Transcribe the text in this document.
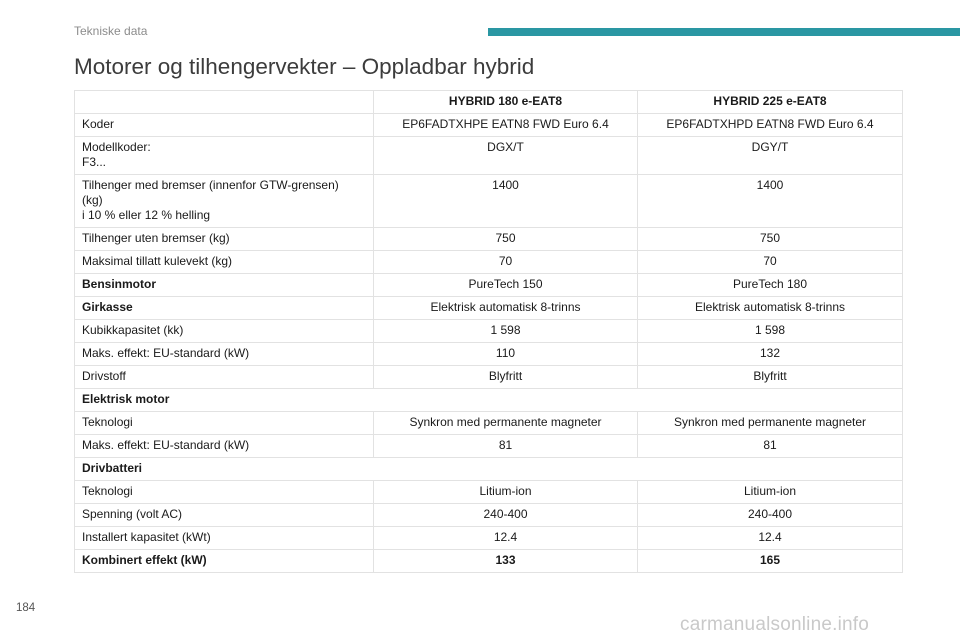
Tekniske data
Motorer og tilhengervekter – Oppladbar hybrid
	HYBRID 180 e-EAT8	HYBRID 225 e-EAT8
Koder	EP6FADTXHPE EATN8 FWD Euro 6.4	EP6FADTXHPD EATN8 FWD Euro 6.4
Modellkoder:
F3...	DGX/T	DGY/T
Tilhenger med bremser (innenfor GTW-grensen)
(kg)
i 10 % eller 12 % helling	1400	1400
Tilhenger uten bremser (kg)	750	750
Maksimal tillatt kulevekt (kg)	70	70
Bensinmotor	PureTech 150	PureTech 180
Girkasse	Elektrisk automatisk 8-trinns	Elektrisk automatisk 8-trinns
Kubikkapasitet (kk)	1 598	1 598
Maks. effekt: EU-standard (kW)	110	132
Drivstoff	Blyfritt	Blyfritt
Elektrisk motor		
Teknologi	Synkron med permanente magneter	Synkron med permanente magneter
Maks. effekt: EU-standard (kW)	81	81
Drivbatteri		
Teknologi	Litium-ion	Litium-ion
Spenning (volt AC)	240-400	240-400
Installert kapasitet (kWt)	12.4	12.4
Kombinert effekt (kW)	133	165
184
carmanualsonline.info
